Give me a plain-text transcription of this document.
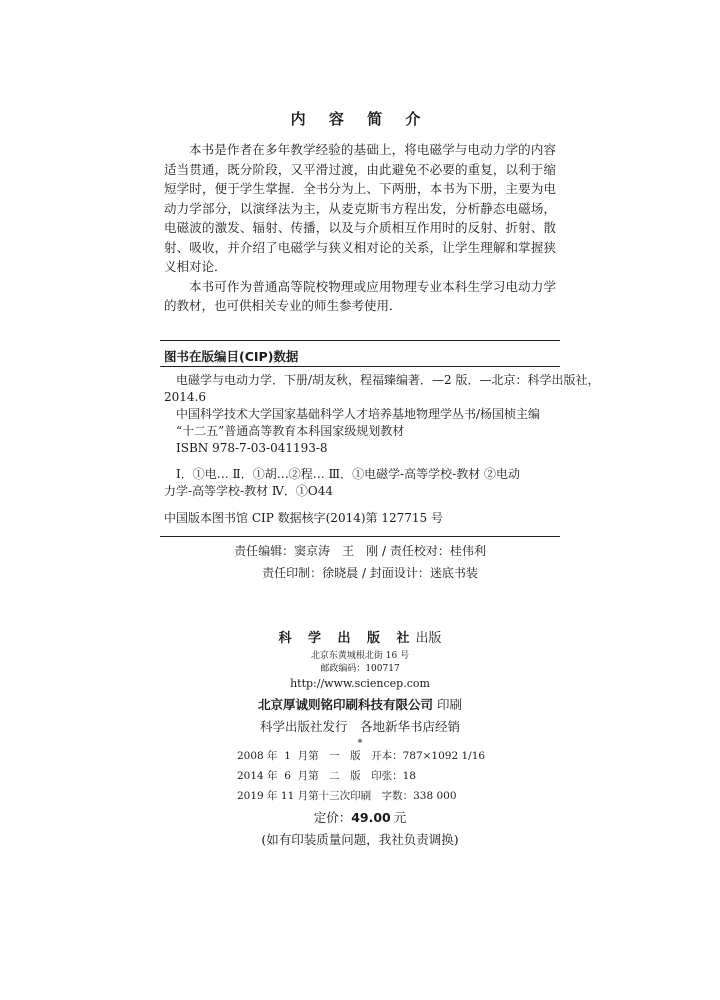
内 容 简 介

本书是作者在多年教学经验的基础上，将电磁学与电动力学的内容适当贯通，既分阶段，又平滑过渡，由此避免不必要的重复，以利于缩短学时，便于学生掌握．全书分为上、下两册，本书为下册，主要为电动力学部分，以演绎法为主，从麦克斯韦方程出发，分析静态电磁场，电磁波的激发、辐射、传播，以及与介质相互作用时的反射、折射、散射、吸收，并介绍了电磁学与狭义相对论的关系，让学生理解和掌握狭义相对论．

本书可作为普通高等院校物理或应用物理专业本科生学习电动力学的教材，也可供相关专业的师生参考使用．

图书在版编目(CIP)数据
电磁学与电动力学．下册/胡友秋，程福臻编著．—2 版．—北京：科学出版社，
2014.6
中国科学技术大学国家基础科学人才培养基地物理学丛书/杨国桢主编
“十二五”普通高等教育本科国家级规划教材
ISBN 978-7-03-041193-8
Ⅰ．①电… Ⅱ．①胡…②程… Ⅲ．①电磁学-高等学校-教材 ②电动
力学-高等学校-教材 Ⅳ．①O44
中国版本图书馆 CIP 数据核字(2014)第 127715 号
责任编辑：窦京涛　王　刚 / 责任校对：桂伟利
责任印制：徐晓晨 / 封面设计：迷底书装
科 学 出 版 社出版
北京东黄城根北街 16 号
邮政编码：100717
http://www.sciencep.com
北京厚诚则铭印刷科技有限公司 印刷
科学出版社发行　各地新华书店经销
*
2008 年  1  月第　一　版　开本：787×1092 1/16
2014 年  6  月第　二　版　印张：18
2019 年 11 月第十三次印刷　字数：338 000
定价：49.00 元
(如有印装质量问题，我社负责调换)
